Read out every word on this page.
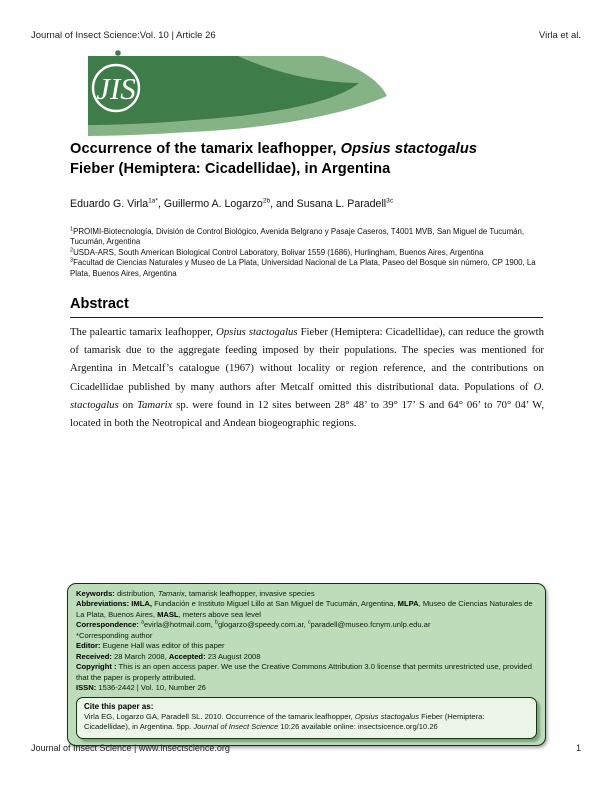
Journal of Insect Science:Vol. 10 | Article 26	Virla et al.
JIS
Occurrence of the tamarix leafhopper, Opsius stactogalus
Fieber (Hemiptera: Cicadellidae), in Argentina
Eduardo G. Virla$^{1a*}$, Guillermo A. Logarzo$^{2b}$, and Susana L. Paradell$^{3c}$
$^1$PROIMI-Biotecnología, División de Control Biológico, Avenida Belgrano y Pasaje Caseros, T4001 MVB, San Miguel de Tucumán, Tucumán, Argentina
$^2$USDA-ARS, South American Biological Control Laboratory, Bolivar 1559 (1686), Hurlingham, Buenos Aires, Argentina
$^3$Facultad de Ciencias Naturales y Museo de La Plata, Universidad Nacional de La Plata, Paseo del Bosque sin número, CP 1900, La Plata, Buenos Aires, Argentina
Abstract
The paleartic tamarix leafhopper, Opsius stactogalus Fieber (Hemiptera: Cicadellidae), can reduce the growth of tamarisk due to the aggregate feeding imposed by their populations. The species was mentioned for Argentina in Metcalf’s catalogue (1967) without locality or region reference, and the contributions on Cicadellidae published by many authors after Metcalf omitted this distributional data. Populations of O. stactogalus on Tamarix sp. were found in 12 sites between 28° 48’ to 39° 17’ S and 64° 06’ to 70° 04’ W, located in both the Neotropical and Andean biogeographic regions.
Keywords: distribution, Tamarix, tamarisk leafhopper, invasive species
Abbreviations: IMLA, Fundación e Instituto Miguel Lillo at San Miguel de Tucumán, Argentina, MLPA, Museo de Ciencias Naturales de La Plata, Buenos Aires, MASL, meters above sea level
Correspondence: $^a$evirla@hotmail.com, $^b$glogarzo@speedy.com.ar, $^c$paradell@museo.fcnym.unlp.edu.ar
*Corresponding author
Editor: Eugene Hall was editor of this paper
Received: 28 March 2008, Accepted: 23 August 2008
Copyright : This is an open access paper. We use the Creative Commons Attribution 3.0 license that permits unrestricted use, provided that the paper is properly attributed.
ISSN: 1536-2442 | Vol. 10, Number 26
Cite this paper as:
Virla EG, Logarzo GA, Paradell SL. 2010. Occurrence of the tamarix leafhopper, Opsius stactogalus Fieber (Hemiptera: Cicadellidae), in Argentina. 5pp. Journal of Insect Science 10:26 available online: insectsicence.org/10.26
Journal of Insect Science | www.insectscience.org	1
